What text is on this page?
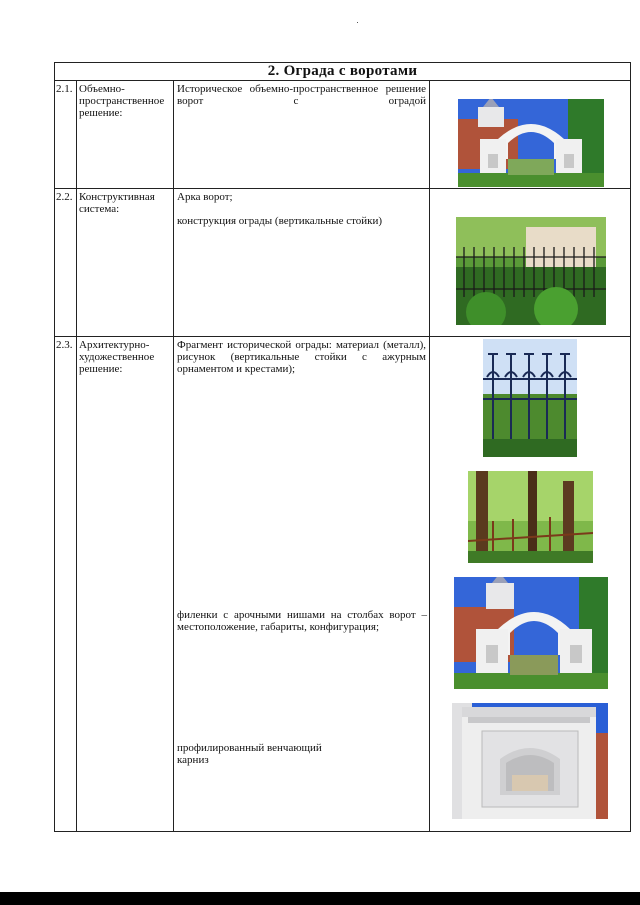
2. Ограда с воротами			
2.1.	Объемно-пространственное решение:	Историческое объемно-пространственное решение ворот с оградой

2.2.	Конструктивная система:	Арка ворот;

конструкция ограды (вертикальные стойки)

2.3.	Архитектурно-художественное решение:	Фрагмент исторической ограды: материал (металл), рисунок (вертикальные стойки с ажурным орнаментом и крестами);

филенки с арочными нишами на столбах ворот – местоположение, габариты, конфигурация;

профилированный венчающий карниз
